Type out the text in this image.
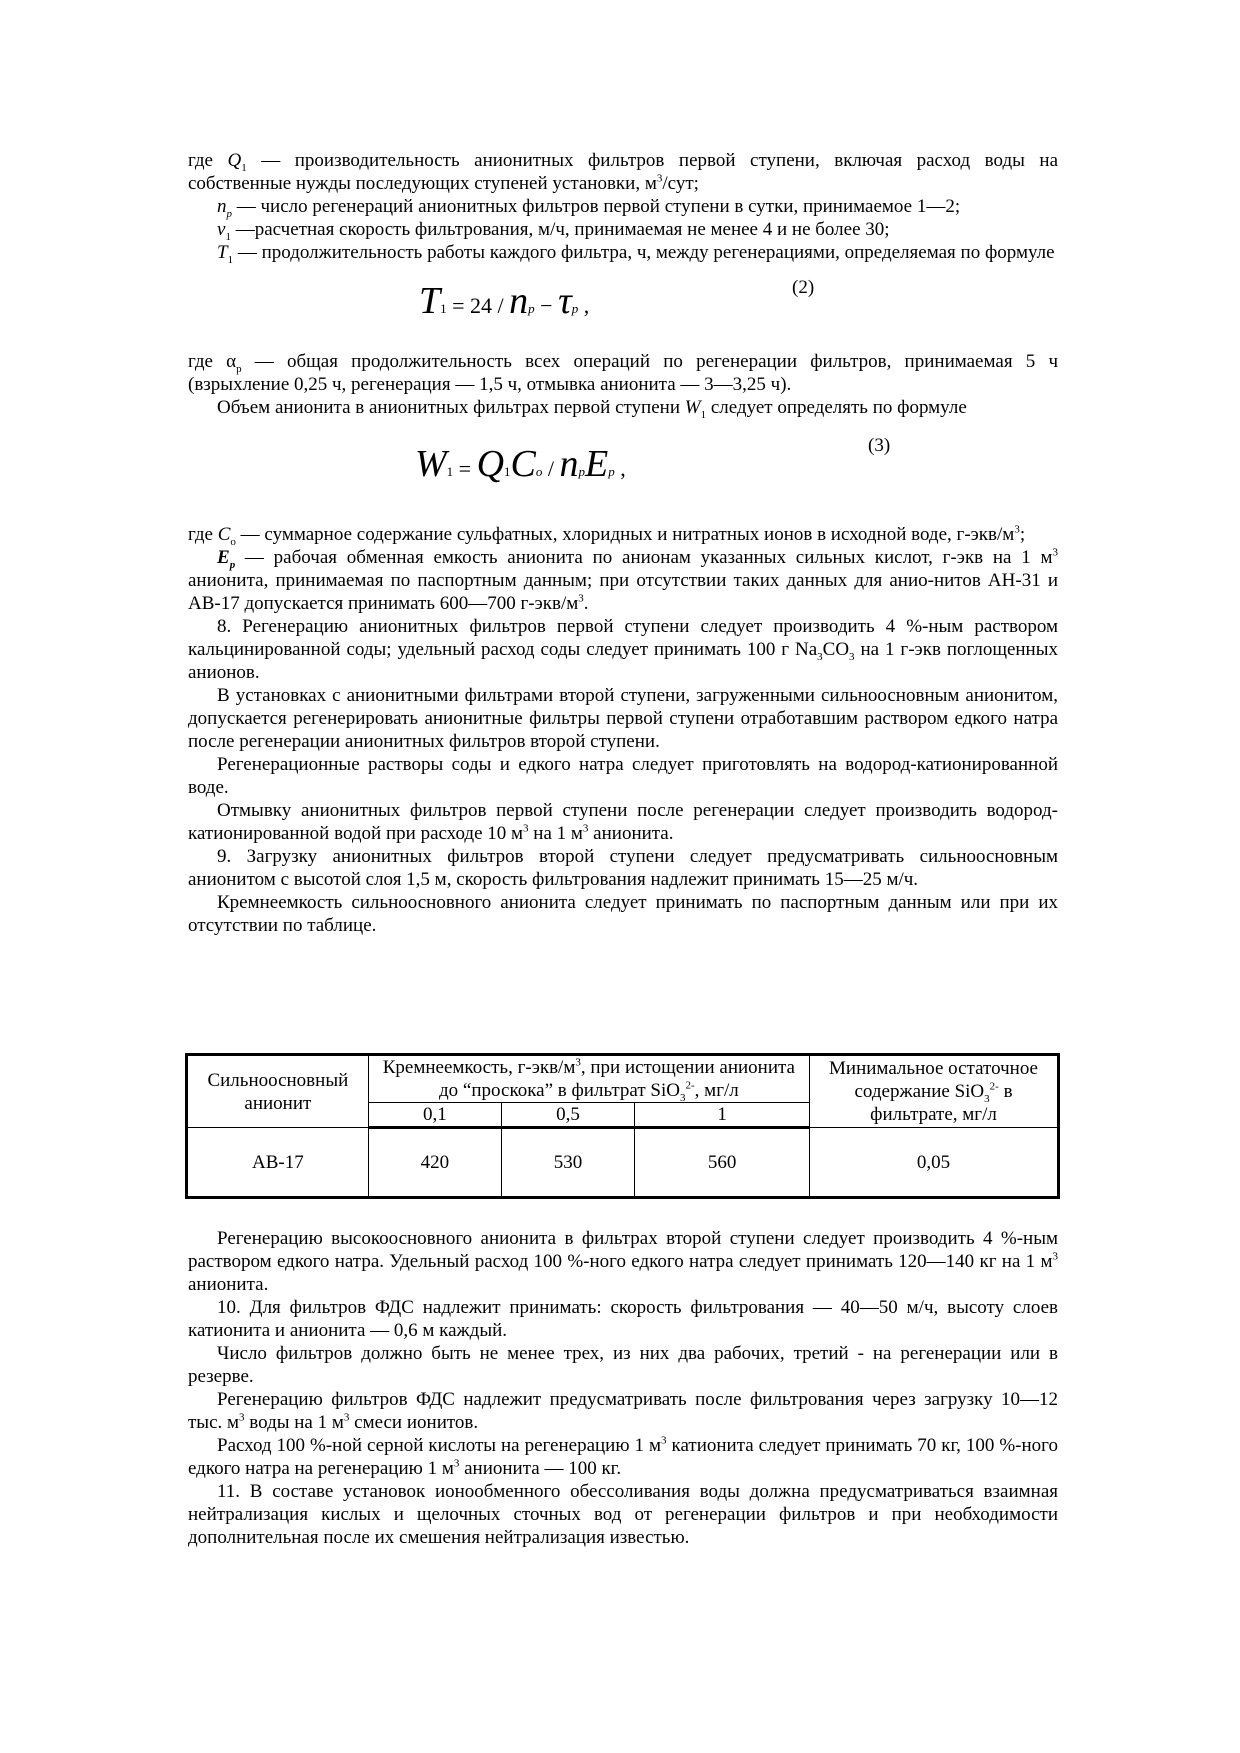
где $Q_1$ — производительность анионитных фильтров первой ступени, включая расход воды на собственные нужды последующих ступеней установки, $м^3$/сут;

$n_р$ — число регенераций анионитных фильтров первой ступени в сутки, принимаемое 1—2;

$v_1$ —расчетная скорость фильтрования, м/ч, принимаемая не менее 4 и не более 30;

$T_1$ — продолжительность работы каждого фильтра, ч, между регенерациями, определяемая по формуле

(2)
T1 = 24 / np − τp ,

где $\alpha_р$ — общая продолжительность всех операций по регенерации фильтров, принимаемая 5 ч (взрыхление 0,25 ч, регенерация — 1,5 ч, отмывка анионита — 3—3,25 ч).

Объем анионита в анионитных фильтрах первой ступени $W_1$ следует определять по формуле

(3)
W1 = Q1Co / npEp ,

где $C_о$ — суммарное содержание сульфатных, хлоридных и нитратных ионов в исходной воде, $г-экв/м^3$;

$E_р$ — рабочая обменная емкость анионита по анионам указанных сильных кислот, г-экв на 1 $м^3$ анионита, принимаемая по паспортным данным; при отсутствии таких данных для анио-нитов АН-31 и АВ-17 допускается принимать 600—700 $г-экв/м^3$.

8. Регенерацию анионитных фильтров первой ступени следует производить 4 %-ным раствором кальцинированной соды; удельный расход соды следует принимать 100 г $Na_3CO_3$ на 1 г-экв поглощенных анионов.

В установках с анионитными фильтрами второй ступени, загруженными сильноосновным анионитом, допускается регенерировать анионитные фильтры первой ступени отработавшим раствором едкого натра после регенерации анионитных фильтров второй ступени.

Регенерационные растворы соды и едкого натра следует приготовлять на водород-катионированной воде.

Отмывку анионитных фильтров первой ступени после регенерации следует производить водород-катионированной водой при расходе 10 $м^3$ на 1 $м^3$ анионита.

9. Загрузку анионитных фильтров второй ступени следует предусматривать сильноосновным анионитом с высотой слоя 1,5 м, скорость фильтрования надлежит принимать 15—25 м/ч.

Кремнеемкость сильноосновного анионита следует принимать по паспортным данным или при их отсутствии по таблице.

Сильноосновный анионит	Кремнеемкость, $г-экв/м^3$, при истощении анионита до “проскока” в фильтрат SiO$_3^{2-}$, мг/л			Минимальное остаточное содержание SiO$_3^{2-}$ в фильтрате, мг/л
	0,1	0,5	1	
АВ-17	420	530	560	0,05

Регенерацию высокоосновного анионита в фильтрах второй ступени следует производить 4 %-ным раствором едкого натра. Удельный расход 100 %-ного едкого натра следует принимать 120—140 кг на 1 $м^3$ анионита.

10. Для фильтров ФДС надлежит принимать: скорость фильтрования — 40—50 м/ч, высоту слоев катионита и анионита — 0,6 м каждый.

Число фильтров должно быть не менее трех, из них два рабочих, третий - на регенерации или в резерве.

Регенерацию фильтров ФДС надлежит предусматривать после фильтрования через загрузку 10—12 тыс. $м^3$ воды на 1 $м^3$ смеси ионитов.

Расход 100 %-ной серной кислоты на регенерацию 1 $м^3$ катионита следует принимать 70 кг, 100 %-ного едкого натра на регенерацию 1 $м^3$ анионита — 100 кг.

11. В составе установок ионообменного обессоливания воды должна предусматриваться взаимная нейтрализация кислых и щелочных сточных вод от регенерации фильтров и при необходимости дополнительная после их смешения нейтрализация известью.
